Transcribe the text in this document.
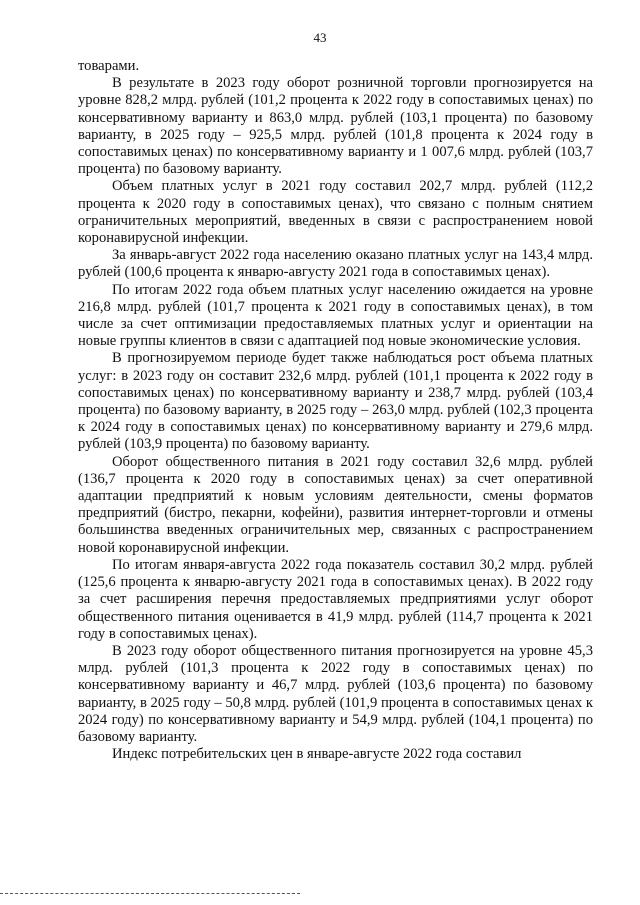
43

товарами.

В результате в 2023 году оборот розничной торговли прогнозируется на уровне 828,2 млрд. рублей (101,2 процента к 2022 году в сопоставимых ценах) по консервативному варианту и 863,0 млрд. рублей (103,1 процента) по базовому варианту, в 2025 году – 925,5 млрд. рублей (101,8 процента к 2024 году в сопоставимых ценах) по консервативному варианту и 1 007,6 млрд. рублей (103,7 процента) по базовому варианту.

Объем платных услуг в 2021 году составил 202,7 млрд. рублей (112,2 процента к 2020 году в сопоставимых ценах), что связано с полным снятием ограничительных мероприятий, введенных в связи с распространением новой коронавирусной инфекции.

За январь-август 2022 года населению оказано платных услуг на 143,4 млрд. рублей (100,6 процента к январю-августу 2021 года в сопоставимых ценах).

По итогам 2022 года объем платных услуг населению ожидается на уровне 216,8 млрд. рублей (101,7 процента к 2021 году в сопоставимых ценах), в том числе за счет оптимизации предоставляемых платных услуг и ориентации на новые группы клиентов в связи с адаптацией под новые экономические условия.

В прогнозируемом периоде будет также наблюдаться рост объема платных услуг: в 2023 году он составит 232,6 млрд. рублей (101,1 процента к 2022 году в сопоставимых ценах) по консервативному варианту и 238,7 млрд. рублей (103,4 процента) по базовому варианту, в 2025 году – 263,0 млрд. рублей (102,3 процента к 2024 году в сопоставимых ценах) по консервативному варианту и 279,6 млрд. рублей (103,9 процента) по базовому варианту.

Оборот общественного питания в 2021 году составил 32,6 млрд. рублей (136,7 процента к 2020 году в сопоставимых ценах) за счет оперативной адаптации предприятий к новым условиям деятельности, смены форматов предприятий (бистро, пекарни, кофейни), развития интернет-торговли и отмены большинства введенных ограничительных мер, связанных с распространением новой коронавирусной инфекции.

По итогам января-августа 2022 года показатель составил 30,2 млрд. рублей (125,6 процента к январю-августу 2021 года в сопоставимых ценах). В 2022 году за счет расширения перечня предоставляемых предприятиями услуг оборот общественного питания оценивается в 41,9 млрд. рублей (114,7 процента к 2021 году в сопоставимых ценах).

В 2023 году оборот общественного питания прогнозируется на уровне 45,3 млрд. рублей (101,3 процента к 2022 году в сопоставимых ценах) по консервативному варианту и 46,7 млрд. рублей (103,6 процента) по базовому варианту, в 2025 году – 50,8 млрд. рублей (101,9 процента в сопоставимых ценах к 2024 году) по консервативному варианту и 54,9 млрд. рублей (104,1 процента) по базовому варианту.

Индекс потребительских цен в январе-августе 2022 года составил
